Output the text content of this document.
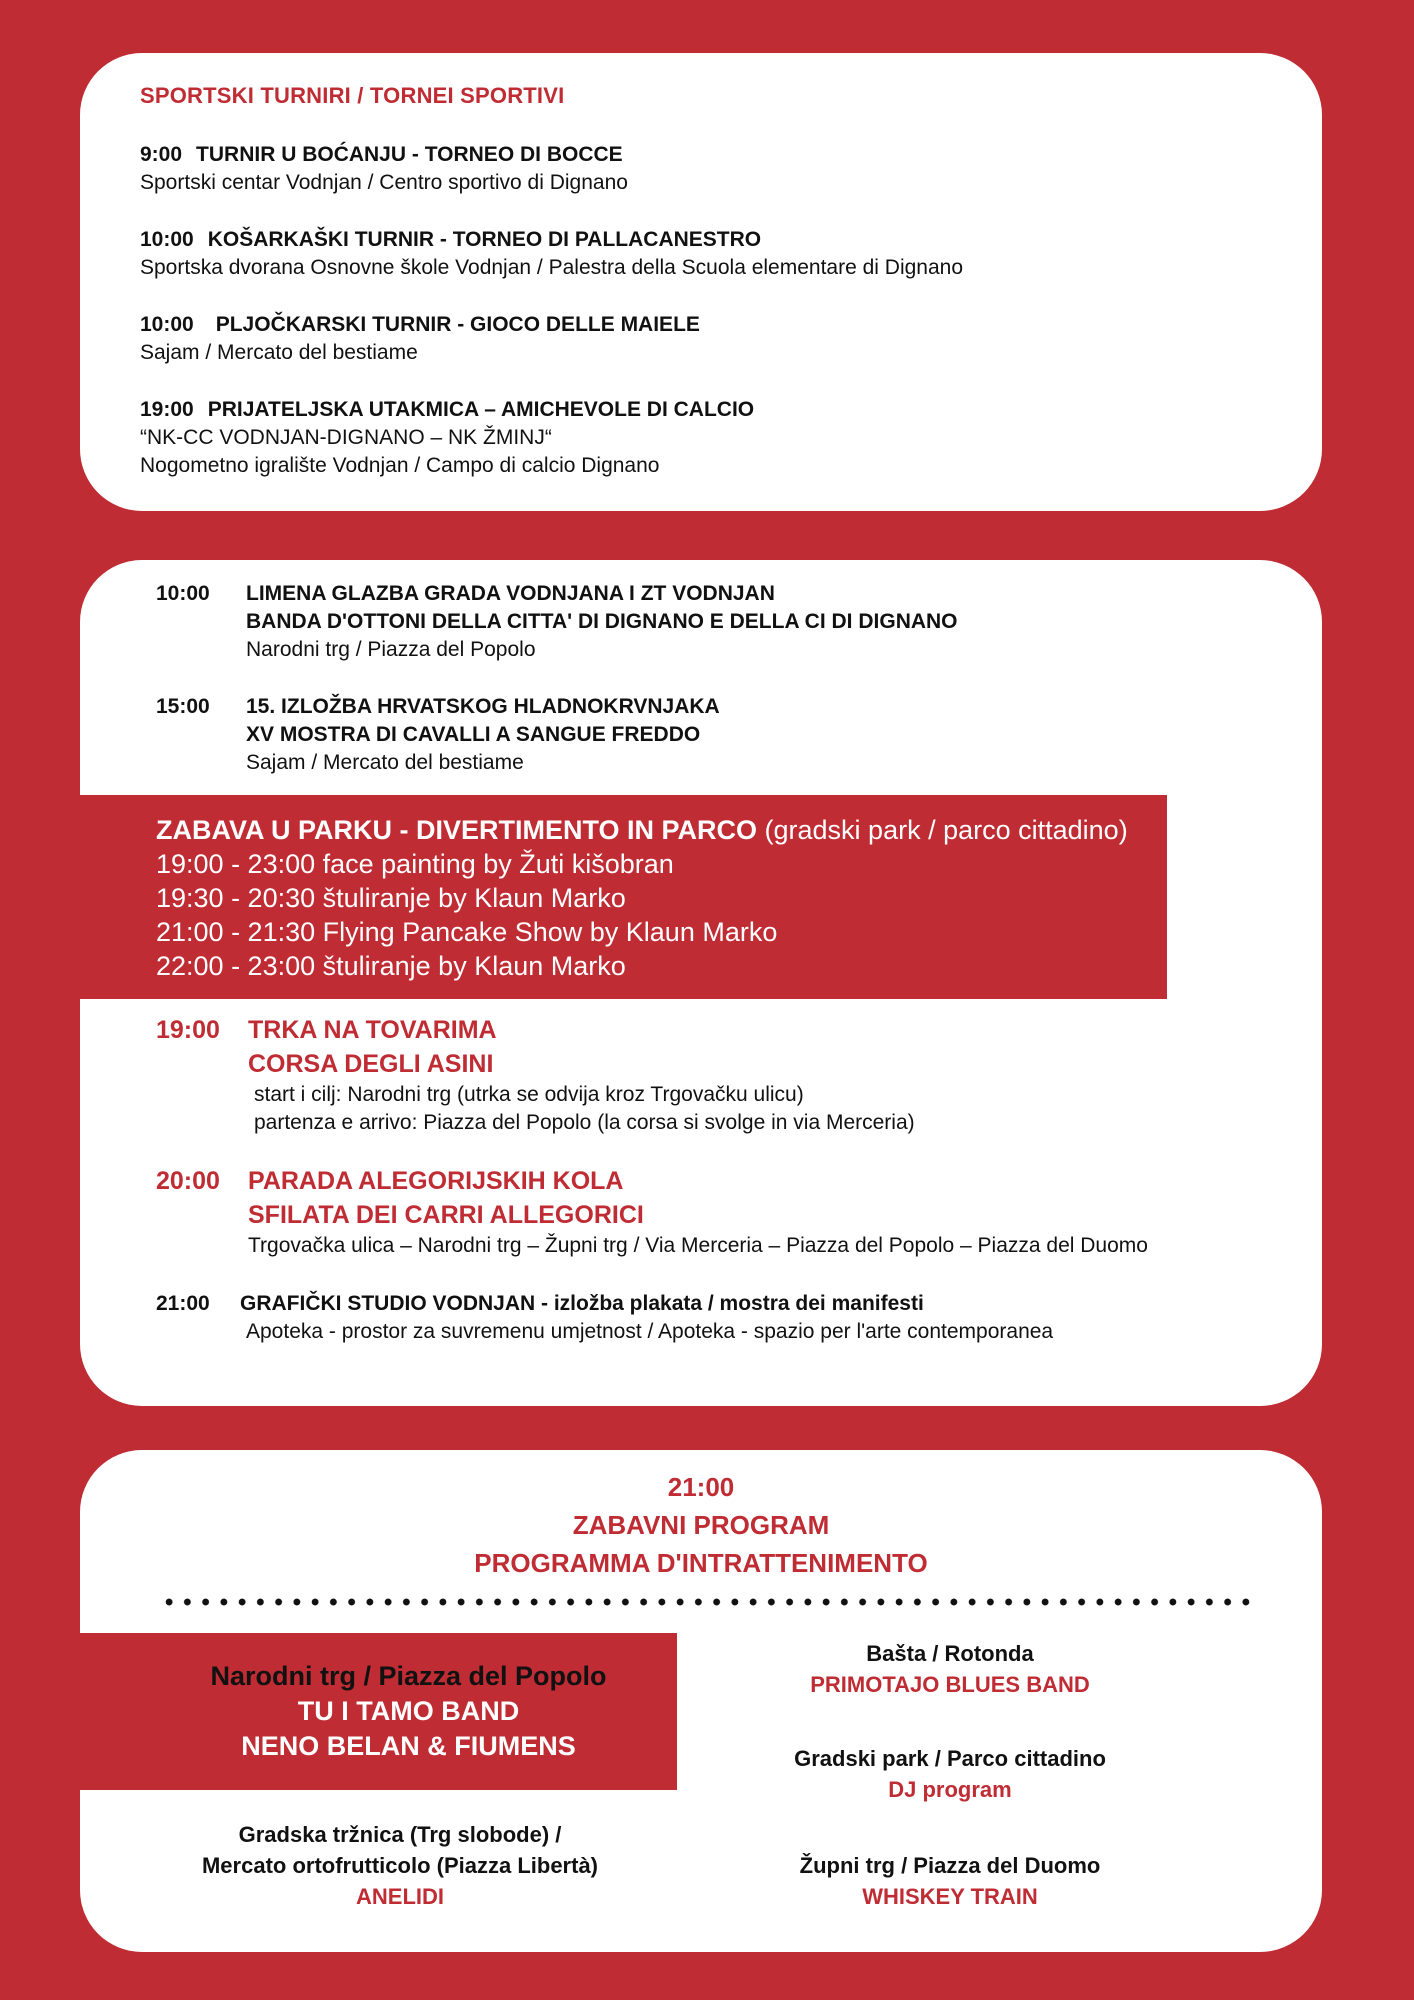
SPORTSKI TURNIRI / TORNEI SPORTIVI
9:00 TURNIR U BOĆANJU - TORNEO DI BOCCE
Sportski centar Vodnjan / Centro sportivo di Dignano
10:00 KOŠARKAŠKI TURNIR - TORNEO DI PALLACANESTRO
Sportska dvorana Osnovne škole Vodnjan / Palestra della Scuola elementare di Dignano
10:00 PLJOČKARSKI TURNIR - GIOCO DELLE MAIELE
Sajam / Mercato del bestiame
19:00 PRIJATELJSKA UTAKMICA – AMICHEVOLE DI CALCIO
“NK-CC VODNJAN-DIGNANO – NK ŽMINJ“
Nogometno igralište Vodnjan / Campo di calcio Dignano
10:00	LIMENA GLAZBA GRADA VODNJANA I ZT VODNJAN
BANDA D'OTTONI DELLA CITTA' DI DIGNANO E DELLA CI DI DIGNANO
Narodni trg / Piazza del Popolo
15:00	15. IZLOŽBA HRVATSKOG HLADNOKRVNJAKA
XV MOSTRA DI CAVALLI A SANGUE FREDDO
Sajam / Mercato del bestiame
ZABAVA U PARKU - DIVERTIMENTO IN PARCO (gradski park / parco cittadino)
19:00 - 23:00 face painting by Žuti kišobran
19:30 - 20:30 štuliranje by Klaun Marko
21:00 - 21:30 Flying Pancake Show by Klaun Marko
22:00 - 23:00 štuliranje by Klaun Marko
19:00	TRKA NA TOVARIMA
CORSA DEGLI ASINI
start i cilj: Narodni trg (utrka se odvija kroz Trgovačku ulicu)
partenza e arrivo: Piazza del Popolo (la corsa si svolge in via Merceria)
20:00	PARADA ALEGORIJSKIH KOLA
SFILATA DEI CARRI ALLEGORICI
Trgovačka ulica – Narodni trg – Župni trg / Via Merceria – Piazza del Popolo – Piazza del Duomo
21:00	GRAFIČKI STUDIO VODNJAN - izložba plakata / mostra dei manifesti
Apoteka - prostor za suvremenu umjetnost / Apoteka - spazio per l'arte contemporanea
21:00
ZABAVNI PROGRAM
PROGRAMMA D'INTRATTENIMENTO
Narodni trg / Piazza del Popolo
TU I TAMO BAND
NENO BELAN & FIUMENS
Bašta / Rotonda
PRIMOTAJO BLUES BAND
Gradski park / Parco cittadino
DJ program
Gradska tržnica (Trg slobode) /
Mercato ortofrutticolo (Piazza Libertà)
ANELIDI
Župni trg / Piazza del Duomo
WHISKEY TRAIN
